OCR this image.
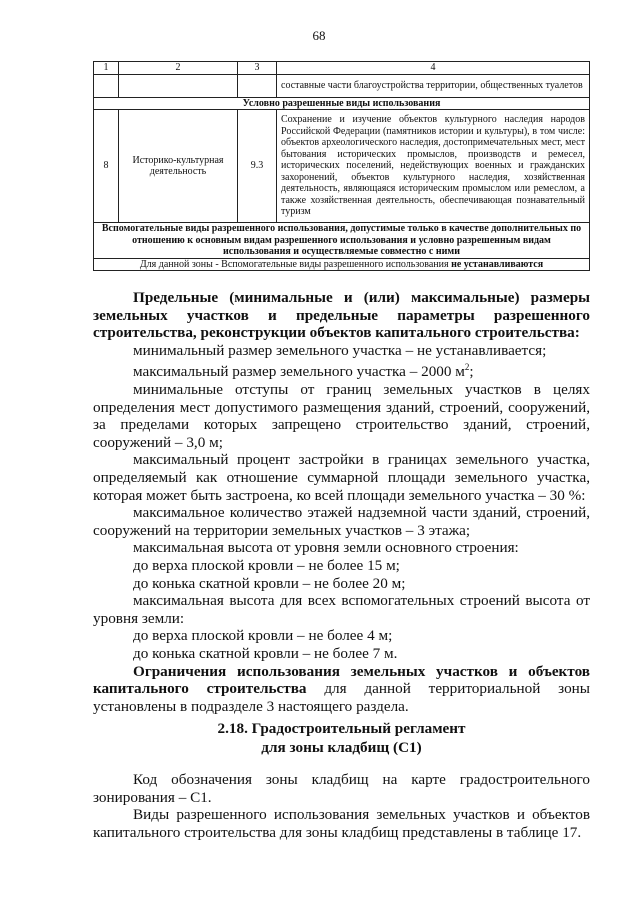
68
1	2	3	4
			составные части благоустройства территории, общественных туалетов
Условно разрешенные виды использования			
8	Историко-культурная деятельность	9.3	Сохранение и изучение объектов культурного наследия народов Российской Федерации (памятников истории и культуры), в том числе: объектов археологического наследия, достопримечательных мест, мест бытования исторических промыслов, производств и ремесел, исторических поселений, недействующих военных и гражданских захоронений, объектов культурного наследия, хозяйственная деятельность, являющаяся историческим промыслом или ремеслом, а также хозяйственная деятельность, обеспечивающая познавательный туризм
Вспомогательные виды разрешенного использования, допустимые только в качестве дополнительных по отношению к основным видам разрешенного использования и условно разрешенным видам использования и осуществляемые совместно с ними			
Для данной зоны - Вспомогательные виды разрешенного использования не устанавливаются			

Предельные (минимальные и (или) максимальные) размеры земельных участков и предельные параметры разрешенного строительства, реконструкции объектов капитального строительства:

минимальный размер земельного участка – не устанавливается;

максимальный размер земельного участка – 2000 $м^2$;

минимальные отступы от границ земельных участков в целях определения мест допустимого размещения зданий, строений, сооружений, за пределами которых запрещено строительство зданий, строений, сооружений – 3,0 м;

максимальный процент застройки в границах земельного участка, определяемый как отношение суммарной площади земельного участка, которая может быть застроена, ко всей площади земельного участка – 30 %:

максимальное количество этажей надземной части зданий, строений, сооружений на территории земельных участков – 3 этажа;

максимальная высота от уровня земли основного строения:

до верха плоской кровли – не более 15 м;

до конька скатной кровли – не более 20 м;

максимальная высота для всех вспомогательных строений высота от уровня земли:

до верха плоской кровли – не более 4 м;

до конька скатной кровли – не более 7 м.

Ограничения использования земельных участков и объектов капитального строительства для данной территориальной зоны установлены в подразделе 3 настоящего раздела.

2.18. Градостроительный регламент
для зоны кладбищ (С1)

Код обозначения зоны кладбищ на карте градостроительного зонирования – С1.

Виды разрешенного использования земельных участков и объектов капитального строительства для зоны кладбищ представлены в таблице 17.
